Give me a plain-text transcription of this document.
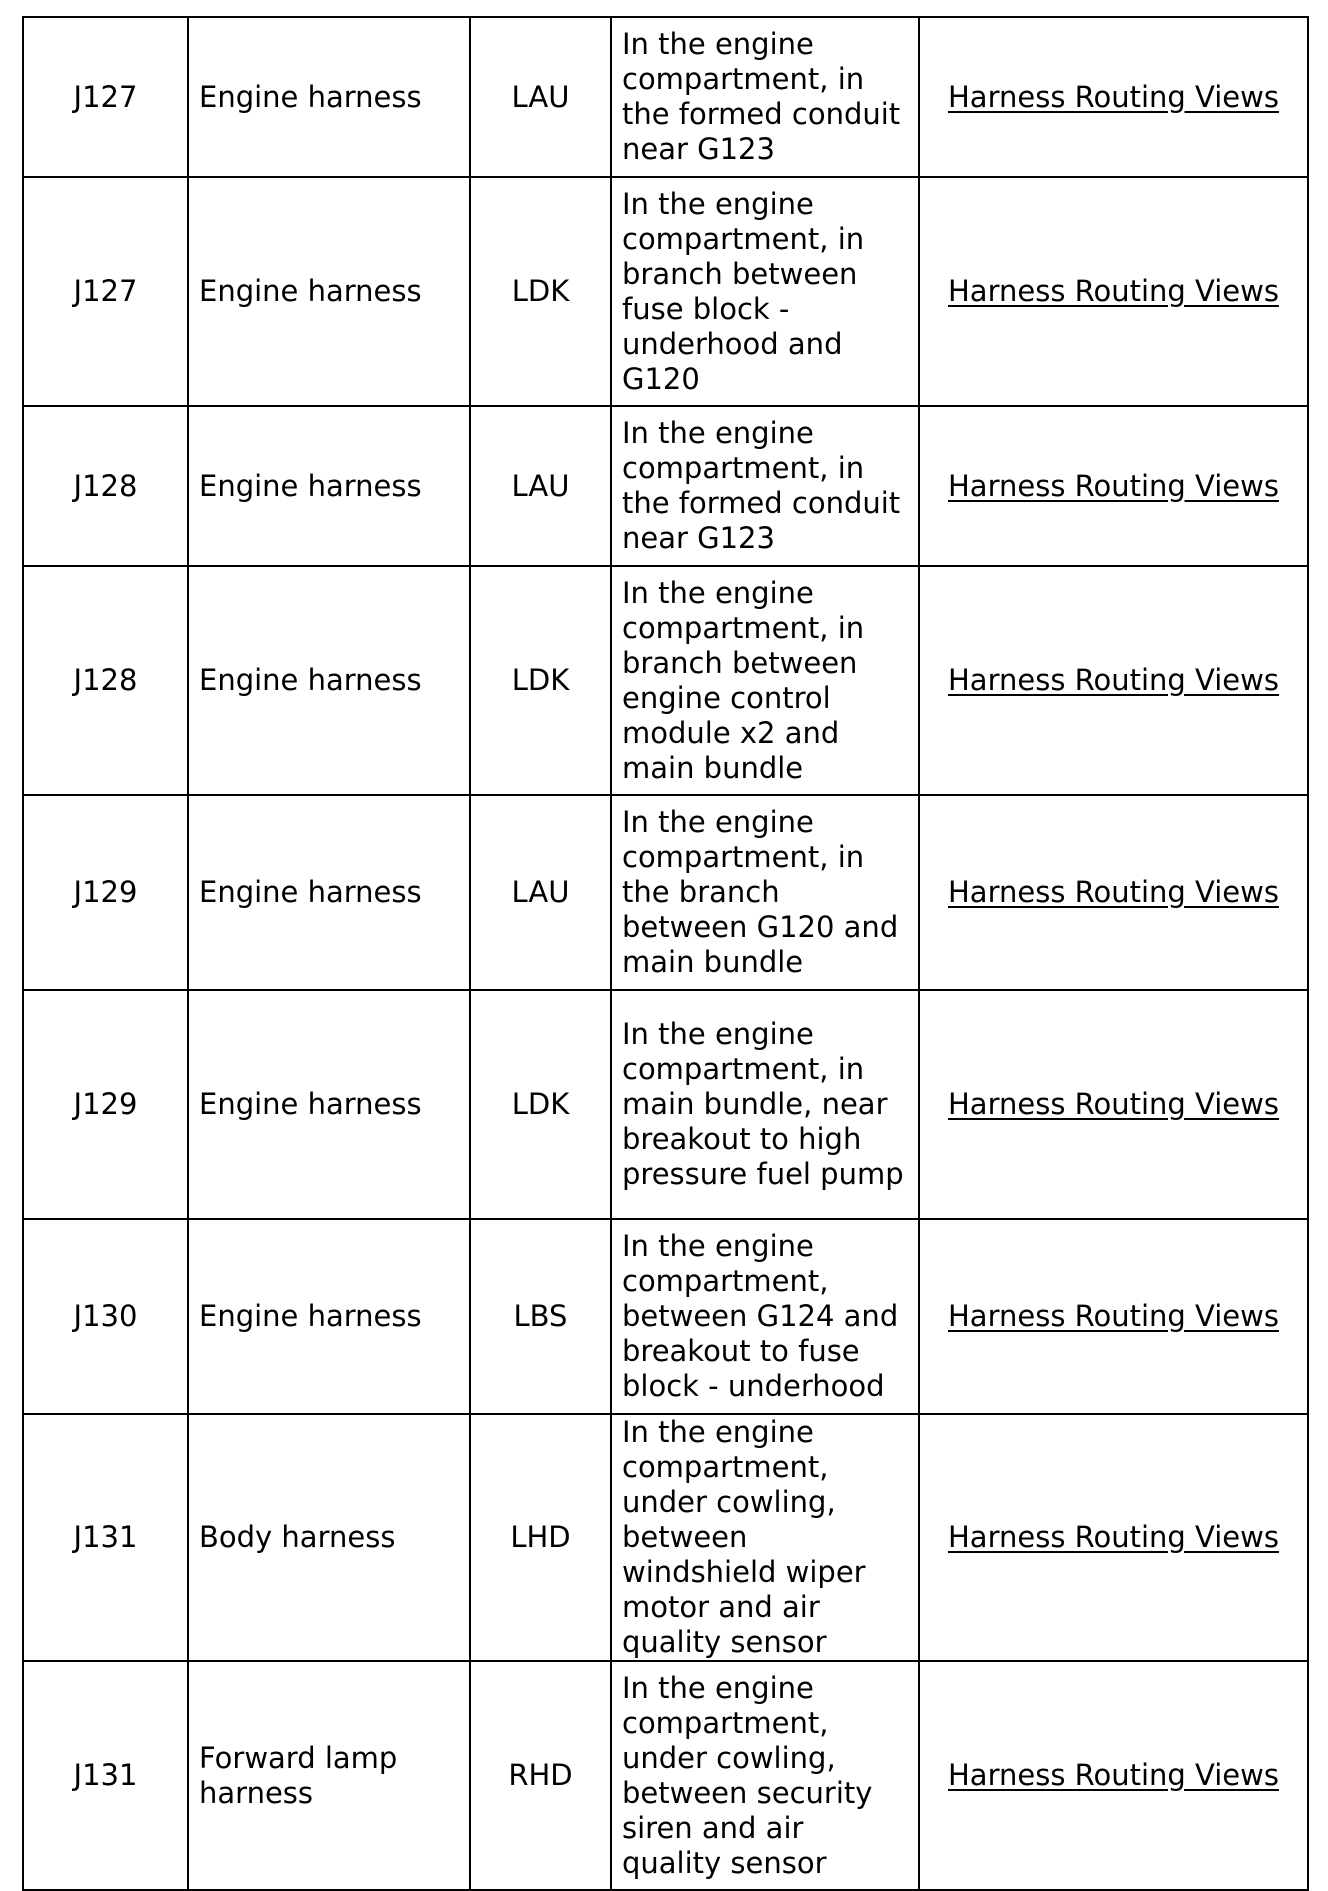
J127	Engine harness	LAU	In the engine compartment, in the formed conduit near G123	Harness Routing Views
J127	Engine harness	LDK	In the engine compartment, in branch between fuse block - underhood and G120	Harness Routing Views
J128	Engine harness	LAU	In the engine compartment, in the formed conduit near G123	Harness Routing Views
J128	Engine harness	LDK	In the engine compartment, in branch between engine control module x2 and main bundle	Harness Routing Views
J129	Engine harness	LAU	In the engine compartment, in the branch between G120 and main bundle	Harness Routing Views
J129	Engine harness	LDK	In the engine compartment, in main bundle, near breakout to high pressure fuel pump	Harness Routing Views
J130	Engine harness	LBS	In the engine compartment, between G124 and breakout to fuse block - underhood	Harness Routing Views
J131	Body harness	LHD	In the engine compartment, under cowling, between windshield wiper motor and air quality sensor	Harness Routing Views
J131	Forward lamp harness	RHD	In the engine compartment, under cowling, between security siren and air quality sensor	Harness Routing Views
